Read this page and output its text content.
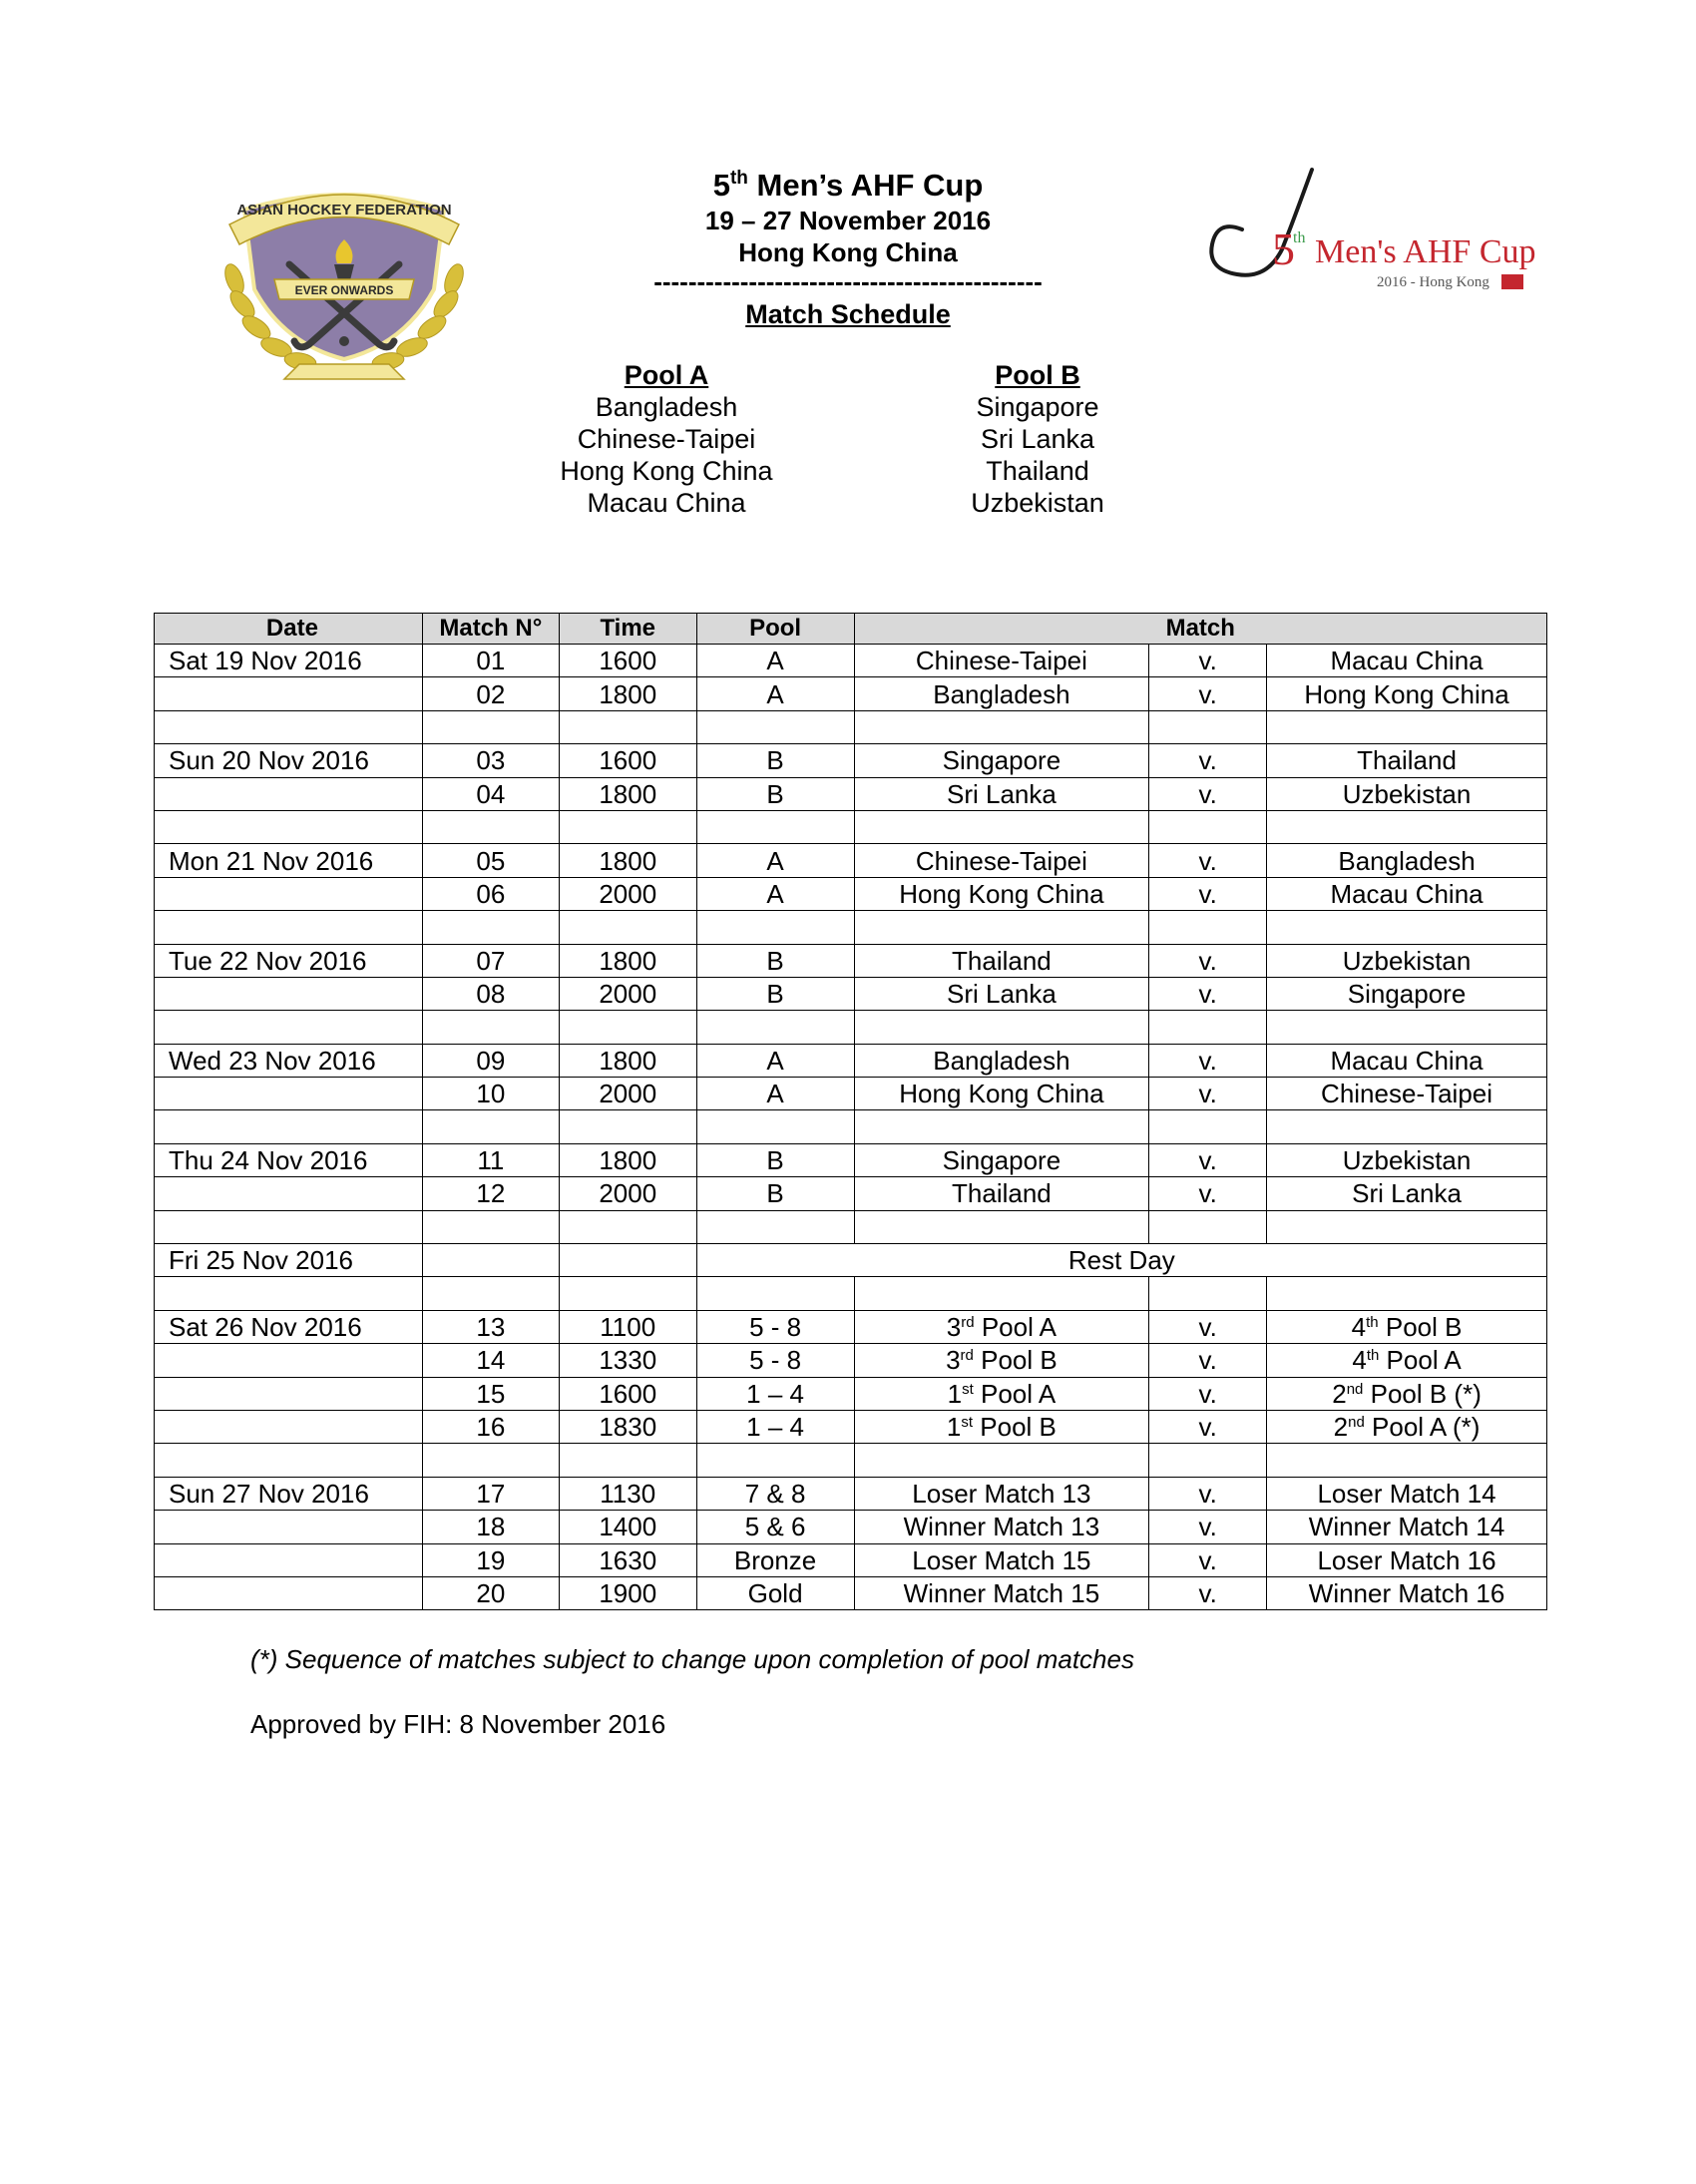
ASIAN HOCKEY FEDERATION
EVER ONWARDS
5th Men’s AHF Cup
19 – 27 November 2016
Hong Kong China
---------------------------------------------
Match Schedule
5
th Men's AHF Cup
2016 - Hong Kong
Pool A
Bangladesh
Chinese-Taipei
Hong Kong China
Macau China
Pool B
Singapore
Sri Lanka
Thailand
Uzbekistan
Date	Match N°	Time	Pool	Match		
Sat 19 Nov 2016	01	1600	A	Chinese-Taipei	v.	Macau China
	02	1800	A	Bangladesh	v.	Hong Kong China

Sun 20 Nov 2016	03	1600	B	Singapore	v.	Thailand
	04	1800	B	Sri Lanka	v.	Uzbekistan

Mon 21 Nov 2016	05	1800	A	Chinese-Taipei	v.	Bangladesh
	06	2000	A	Hong Kong China	v.	Macau China

Tue 22 Nov 2016	07	1800	B	Thailand	v.	Uzbekistan
	08	2000	B	Sri Lanka	v.	Singapore

Wed 23 Nov 2016	09	1800	A	Bangladesh	v.	Macau China
	10	2000	A	Hong Kong China	v.	Chinese-Taipei

Thu 24 Nov 2016	11	1800	B	Singapore	v.	Uzbekistan
	12	2000	B	Thailand	v.	Sri Lanka

Fri 25 Nov 2016			Rest Day			

Sat 26 Nov 2016	13	1100	5 - 8	3rd Pool A	v.	4th Pool B
	14	1330	5 - 8	3rd Pool B	v.	4th Pool A
	15	1600	1 – 4	1st Pool A	v.	2nd Pool B (*)
	16	1830	1 – 4	1st Pool B	v.	2nd Pool A (*)

Sun 27 Nov 2016	17	1130	7 & 8	Loser Match 13	v.	Loser Match 14
	18	1400	5 & 6	Winner Match 13	v.	Winner Match 14
	19	1630	Bronze	Loser Match 15	v.	Loser Match 16
	20	1900	Gold	Winner Match 15	v.	Winner Match 16
(*) Sequence of matches subject to change upon completion of pool matches
Approved by FIH: 8 November 2016
